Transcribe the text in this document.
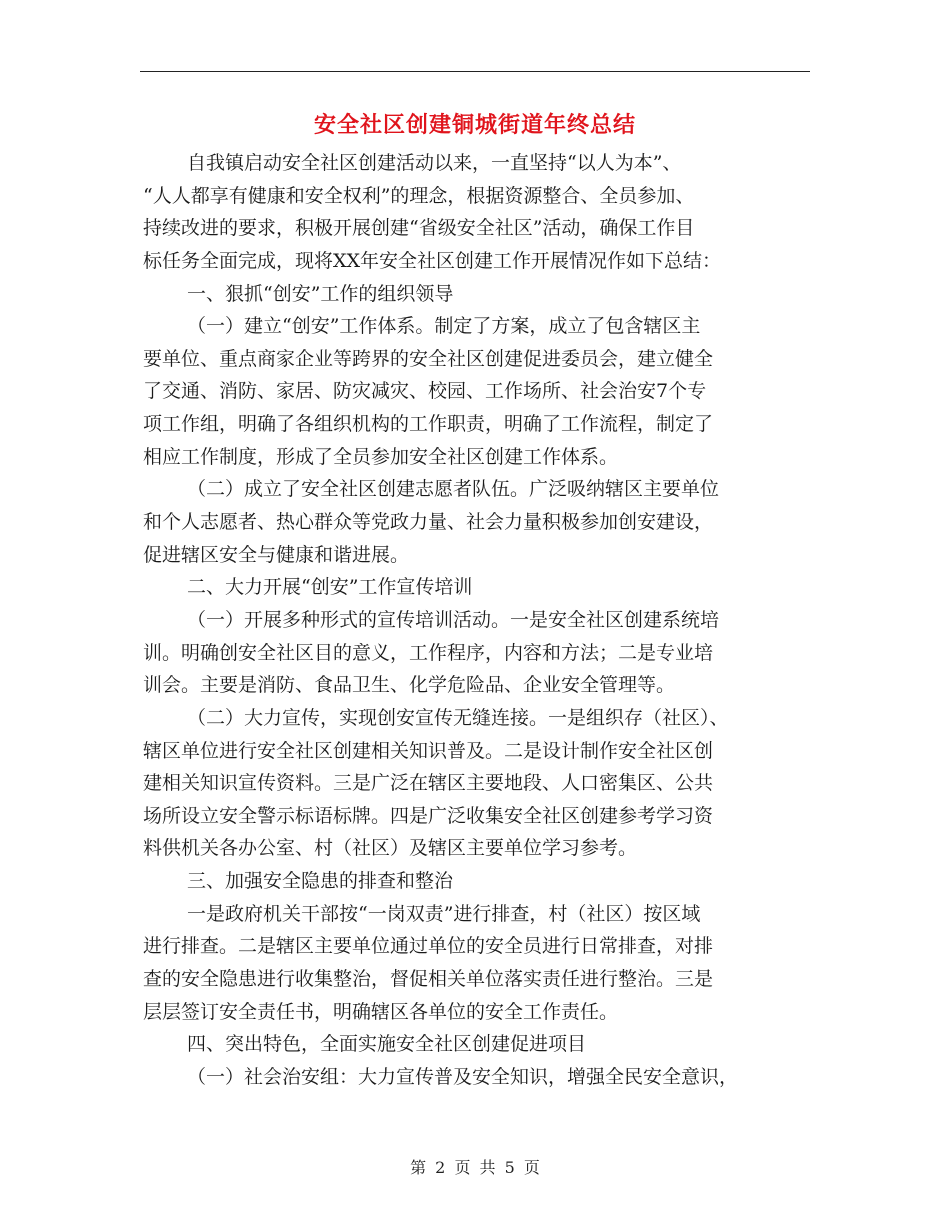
安全社区创建铜城街道年终总结
自我镇启动安全社区创建活动以来，一直坚持“以人为本”、
“人人都享有健康和安全权利”的理念，根据资源整合、全员参加、
持续改进的要求，积极开展创建“省级安全社区”活动，确保工作目
标任务全面完成，现将XX年安全社区创建工作开展情况作如下总结：
一、狠抓“创安”工作的组织领导
（一）建立“创安”工作体系。制定了方案，成立了包含辖区主
要单位、重点商家企业等跨界的安全社区创建促进委员会，建立健全
了交通、消防、家居、防灾减灾、校园、工作场所、社会治安7个专
项工作组，明确了各组织机构的工作职责，明确了工作流程，制定了
相应工作制度，形成了全员参加安全社区创建工作体系。
（二）成立了安全社区创建志愿者队伍。广泛吸纳辖区主要单位
和个人志愿者、热心群众等党政力量、社会力量积极参加创安建设，
促进辖区安全与健康和谐进展。
二、大力开展“创安”工作宣传培训
（一）开展多种形式的宣传培训活动。一是安全社区创建系统培
训。明确创安全社区目的意义，工作程序，内容和方法；二是专业培
训会。主要是消防、食品卫生、化学危险品、企业安全管理等。
（二）大力宣传，实现创安宣传无缝连接。一是组织存（社区）、
辖区单位进行安全社区创建相关知识普及。二是设计制作安全社区创
建相关知识宣传资料。三是广泛在辖区主要地段、人口密集区、公共
场所设立安全警示标语标牌。四是广泛收集安全社区创建参考学习资
料供机关各办公室、村（社区）及辖区主要单位学习参考。
三、加强安全隐患的排查和整治
一是政府机关干部按“一岗双责”进行排查，村（社区）按区域
进行排查。二是辖区主要单位通过单位的安全员进行日常排查，对排
查的安全隐患进行收集整治，督促相关单位落实责任进行整治。三是
层层签订安全责任书，明确辖区各单位的安全工作责任。
四、突出特色，全面实施安全社区创建促进项目
（一）社会治安组：大力宣传普及安全知识，增强全民安全意识，
第 2 页 共 5 页
